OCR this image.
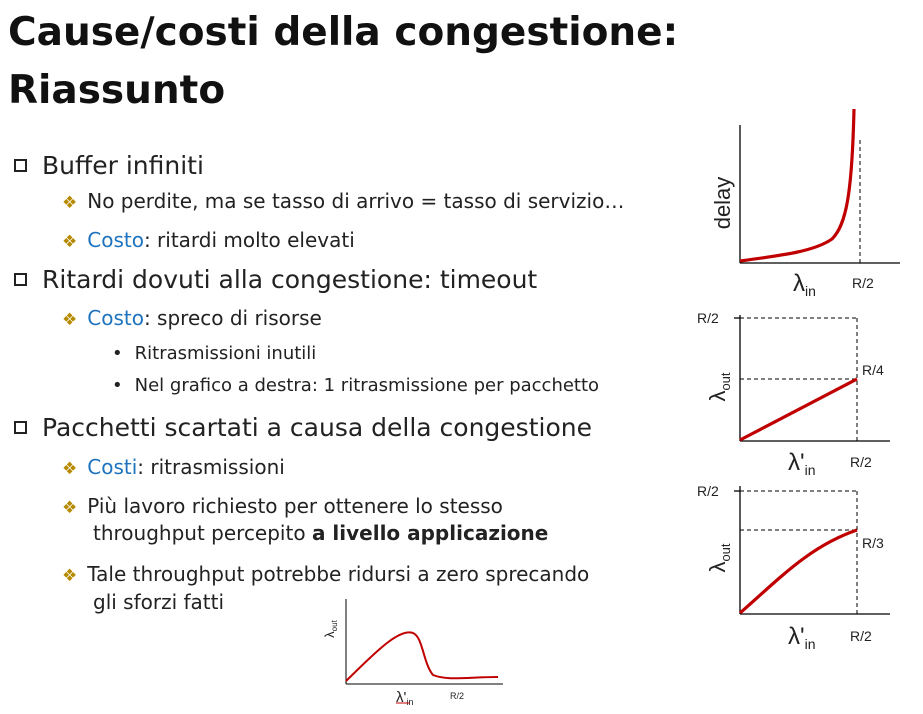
Cause/costi della congestione:
Riassunto
Buffer infiniti
❖ No perdite, ma se tasso di arrivo = tasso di servizio…
❖ Costo: ritardi molto elevati
Ritardi dovuti alla congestione: timeout
❖ Costo: spreco di risorse
• Ritrasmissioni inutili
• Nel grafico a destra: 1 ritrasmissione per pacchetto
Pacchetti scartati a causa della congestione
❖ Costi: ritrasmissioni
❖ Più lavoro richiesto per ottenere lo stesso
throughput percepito a livello applicazione
❖ Tale throughput potrebbe ridursi a zero sprecando
gli sforzi fatti
delay
$\lambda_{in}$	R/2
R/2
R/4
$\lambda_{out}$
$\lambda'_{in}$ R/2
R/2
R/3
$\lambda_{out}$
$\lambda'_{in}$ R/2
$\lambda_{out}$
$\lambda'_{in}$
R/2
